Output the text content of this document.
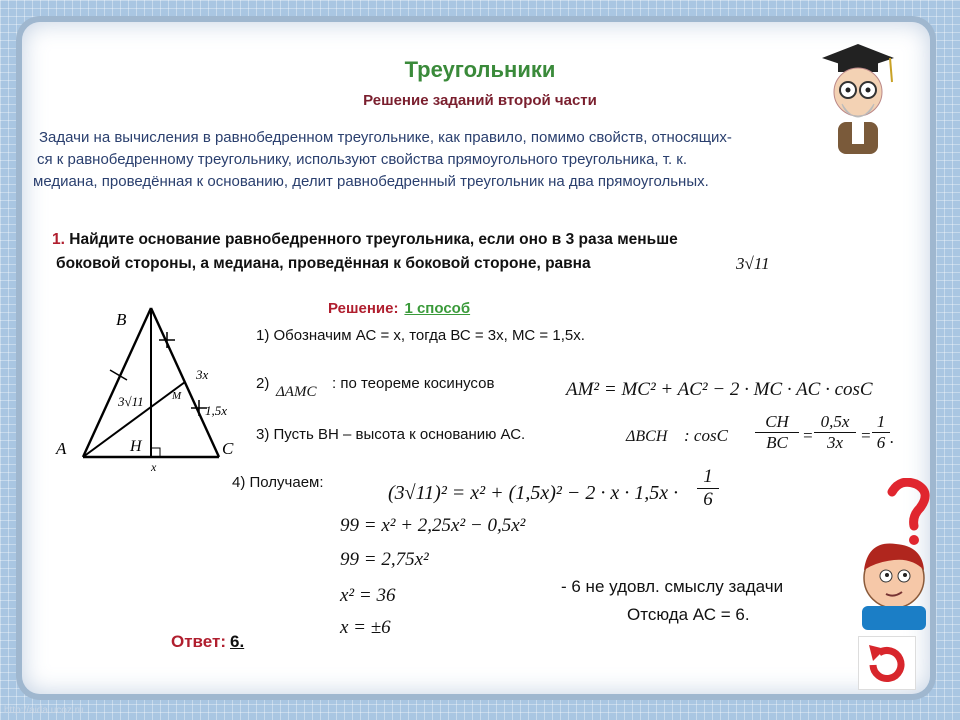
Треугольники
Решение заданий второй части
Задачи на вычисления в равнобедренном треугольнике, как правило, помимо свойств, относящих-
ся к равнобедренному треугольнику, используют свойства прямоугольного треугольника, т. к.
медиана, проведённая к основанию, делит равнобедренный треугольник на два прямоугольных.
1. Найдите основание равнобедренного треугольника, если оно в 3 раза меньше
боковой стороны, а медиана, проведённая к боковой стороне, равна	3√11
B
A	C
H
M
x
3x
1,5x
3√11
Решение: 1 способ
1) Обозначим АС = х, тогда ВС = 3х, МС = 1,5х.
2) ΔAMC : по теореме косинусов	AM² = MC² + AC² − 2 · MC · AC · cosC
3) Пусть ВН – высота к основанию АС.	ΔBCH : cosC
CH
BC =
0,5x
3x =
1
6 .
4) Получаем:	$(3√11)^2 = x^2 + (1,5x)^2 - 2 \cdot x \cdot 1,5x \cdot \frac{1}{6}$
99 = x² + 2,25x² − 0,5x²
99 = 2,75x²
x² = 36
x = ±6
- 6 не удовл. смыслу задачи
Отсюда АС = 6.
Ответ: 6.
http://aida.ucoz.ru
